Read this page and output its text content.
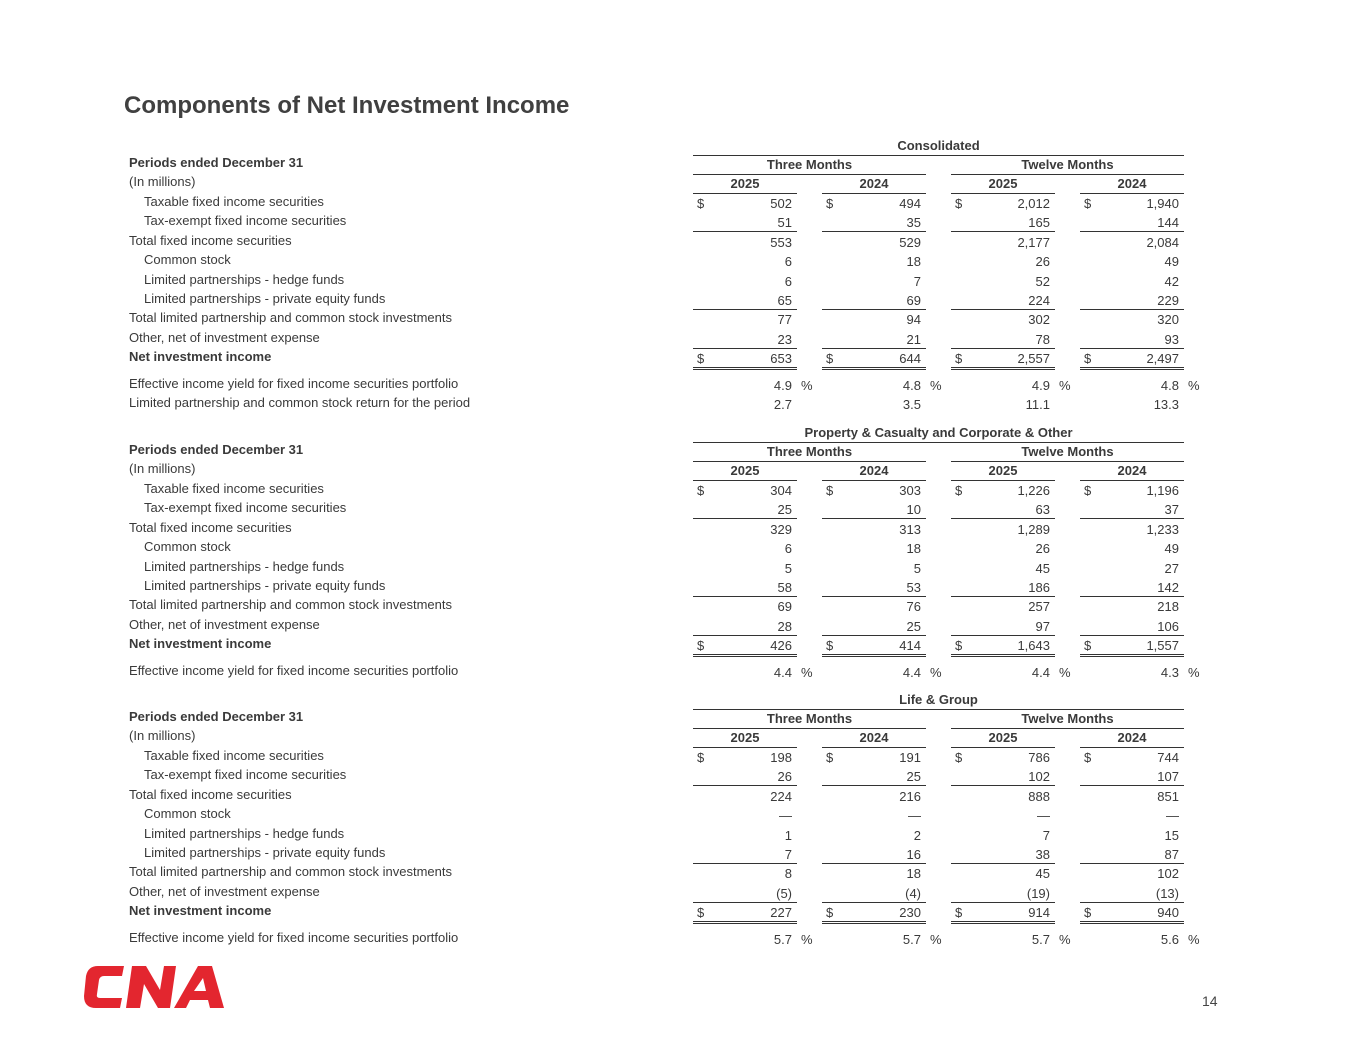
Components of Net Investment Income
Consolidated
Three Months	Twelve Months
2025	2024	2025	2024
Periods ended December 31
(In millions)
Taxable fixed income securities	$	502	$	494	$	2,012	$	1,940
Tax-exempt fixed income securities	51	35	165	144
Total fixed income securities	553	529	2,177	2,084
Common stock	6	18	26	49
Limited partnerships - hedge funds	6	7	52	42
Limited partnerships - private equity funds	65	69	224	229
Total limited partnership and common stock investments	77	94	302	320
Other, net of investment expense	23	21	78	93
Net investment income	$	653	$	644	$	2,557	$	2,497
Effective income yield for fixed income securities portfolio	4.9 %	4.8 %	4.9 %	4.8 %
Limited partnership and common stock return for the period	2.7	3.5	11.1	13.3
Property & Casualty and Corporate & Other
Three Months	Twelve Months
2025	2024	2025	2024
Periods ended December 31
(In millions)
Taxable fixed income securities	$	304	$	303	$	1,226	$	1,196
Tax-exempt fixed income securities	25	10	63	37
Total fixed income securities	329	313	1,289	1,233
Common stock	6	18	26	49
Limited partnerships - hedge funds	5	5	45	27
Limited partnerships - private equity funds	58	53	186	142
Total limited partnership and common stock investments	69	76	257	218
Other, net of investment expense	28	25	97	106
Net investment income	$	426	$	414	$	1,643	$	1,557
Effective income yield for fixed income securities portfolio	4.4 %	4.4 %	4.4 %	4.3 %
Life & Group
Three Months	Twelve Months
2025	2024	2025	2024
Periods ended December 31
(In millions)
Taxable fixed income securities	$	198	$	191	$	786	$	744
Tax-exempt fixed income securities	26	25	102	107
Total fixed income securities	224	216	888	851
Common stock	—	—	—	—
Limited partnerships - hedge funds	1	2	7	15
Limited partnerships - private equity funds	7	16	38	87
Total limited partnership and common stock investments	8	18	45	102
Other, net of investment expense	(5)	(4)	(19)	(13)
Net investment income	$	227	$	230	$	914	$	940
Effective income yield for fixed income securities portfolio	5.7 %	5.7 %	5.7 %	5.6 %
14
